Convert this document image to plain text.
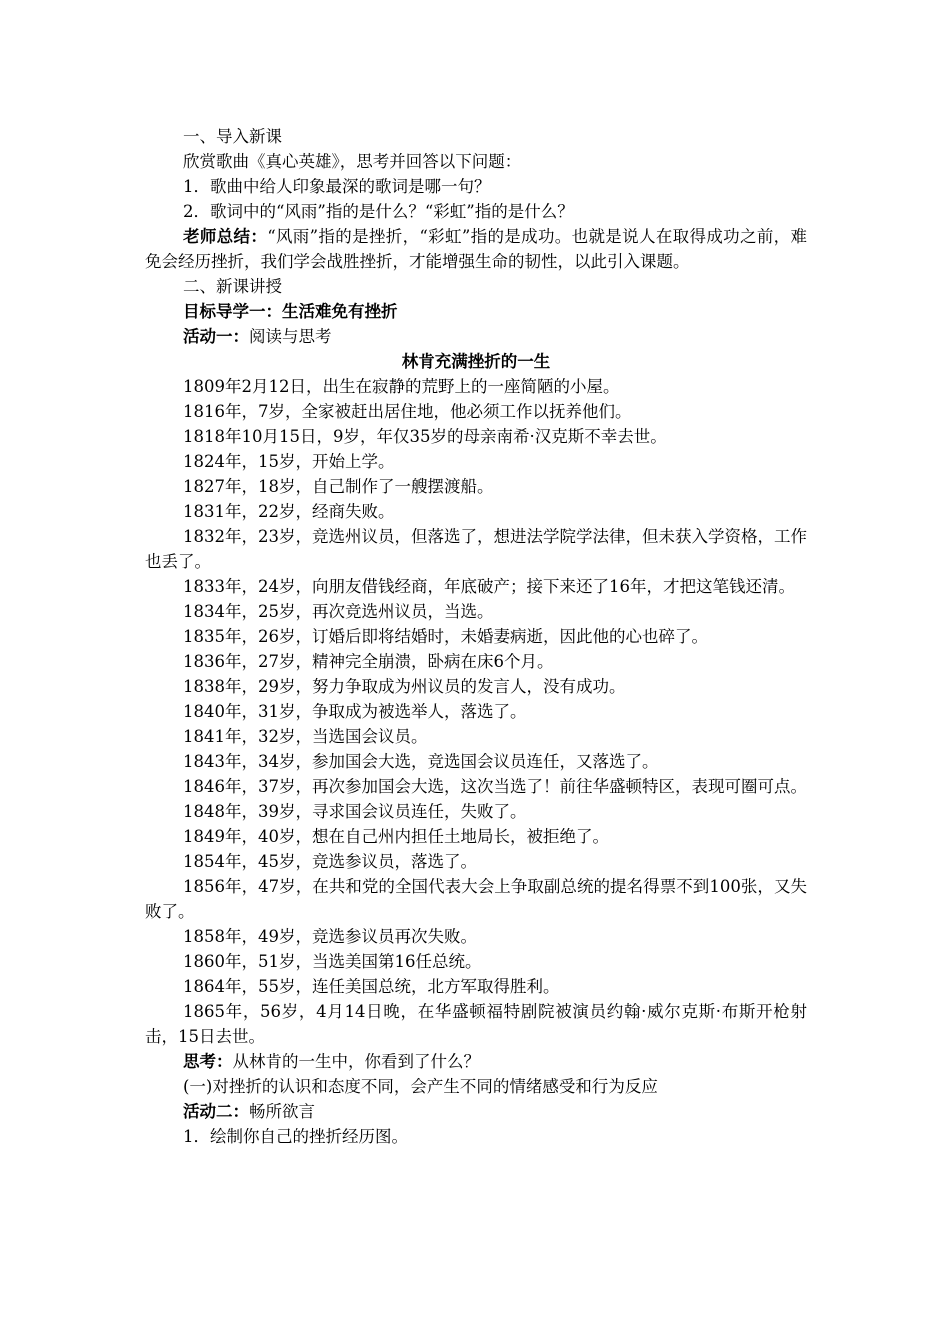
一、导入新课

欣赏歌曲《真心英雄》，思考并回答以下问题：

1．歌曲中给人印象最深的歌词是哪一句？

2．歌词中的“风雨”指的是什么？“彩虹”指的是什么？

老师总结：“风雨”指的是挫折，“彩虹”指的是成功。也就是说人在取得成功之前，难免会经历挫折，我们学会战胜挫折，才能增强生命的韧性，以此引入课题。

二、新课讲授

目标导学一：生活难免有挫折

活动一：阅读与思考

林肯充满挫折的一生

1809年2月12日，出生在寂静的荒野上的一座简陋的小屋。

1816年，7岁，全家被赶出居住地，他必须工作以抚养他们。

1818年10月15日，9岁，年仅35岁的母亲南希·汉克斯不幸去世。

1824年，15岁，开始上学。

1827年，18岁，自己制作了一艘摆渡船。

1831年，22岁，经商失败。

1832年，23岁，竞选州议员，但落选了，想进法学院学法律，但未获入学资格，工作也丢了。

1833年，24岁，向朋友借钱经商，年底破产；接下来还了16年，才把这笔钱还清。

1834年，25岁，再次竞选州议员，当选。

1835年，26岁，订婚后即将结婚时，未婚妻病逝，因此他的心也碎了。

1836年，27岁，精神完全崩溃，卧病在床6个月。

1838年，29岁，努力争取成为州议员的发言人，没有成功。

1840年，31岁，争取成为被选举人，落选了。

1841年，32岁，当选国会议员。

1843年，34岁，参加国会大选，竞选国会议员连任，又落选了。

1846年，37岁，再次参加国会大选，这次当选了！前往华盛顿特区，表现可圈可点。

1848年，39岁，寻求国会议员连任，失败了。

1849年，40岁，想在自己州内担任土地局长，被拒绝了。

1854年，45岁，竞选参议员，落选了。

1856年，47岁，在共和党的全国代表大会上争取副总统的提名得票不到100张，又失败了。

1858年，49岁，竞选参议员再次失败。

1860年，51岁，当选美国第16任总统。

1864年，55岁，连任美国总统，北方军取得胜利。

1865年，56岁，4月14日晚，在华盛顿福特剧院被演员约翰·威尔克斯·布斯开枪射击，15日去世。

思考：从林肯的一生中，你看到了什么？

(一)对挫折的认识和态度不同，会产生不同的情绪感受和行为反应

活动二：畅所欲言

1．绘制你自己的挫折经历图。
